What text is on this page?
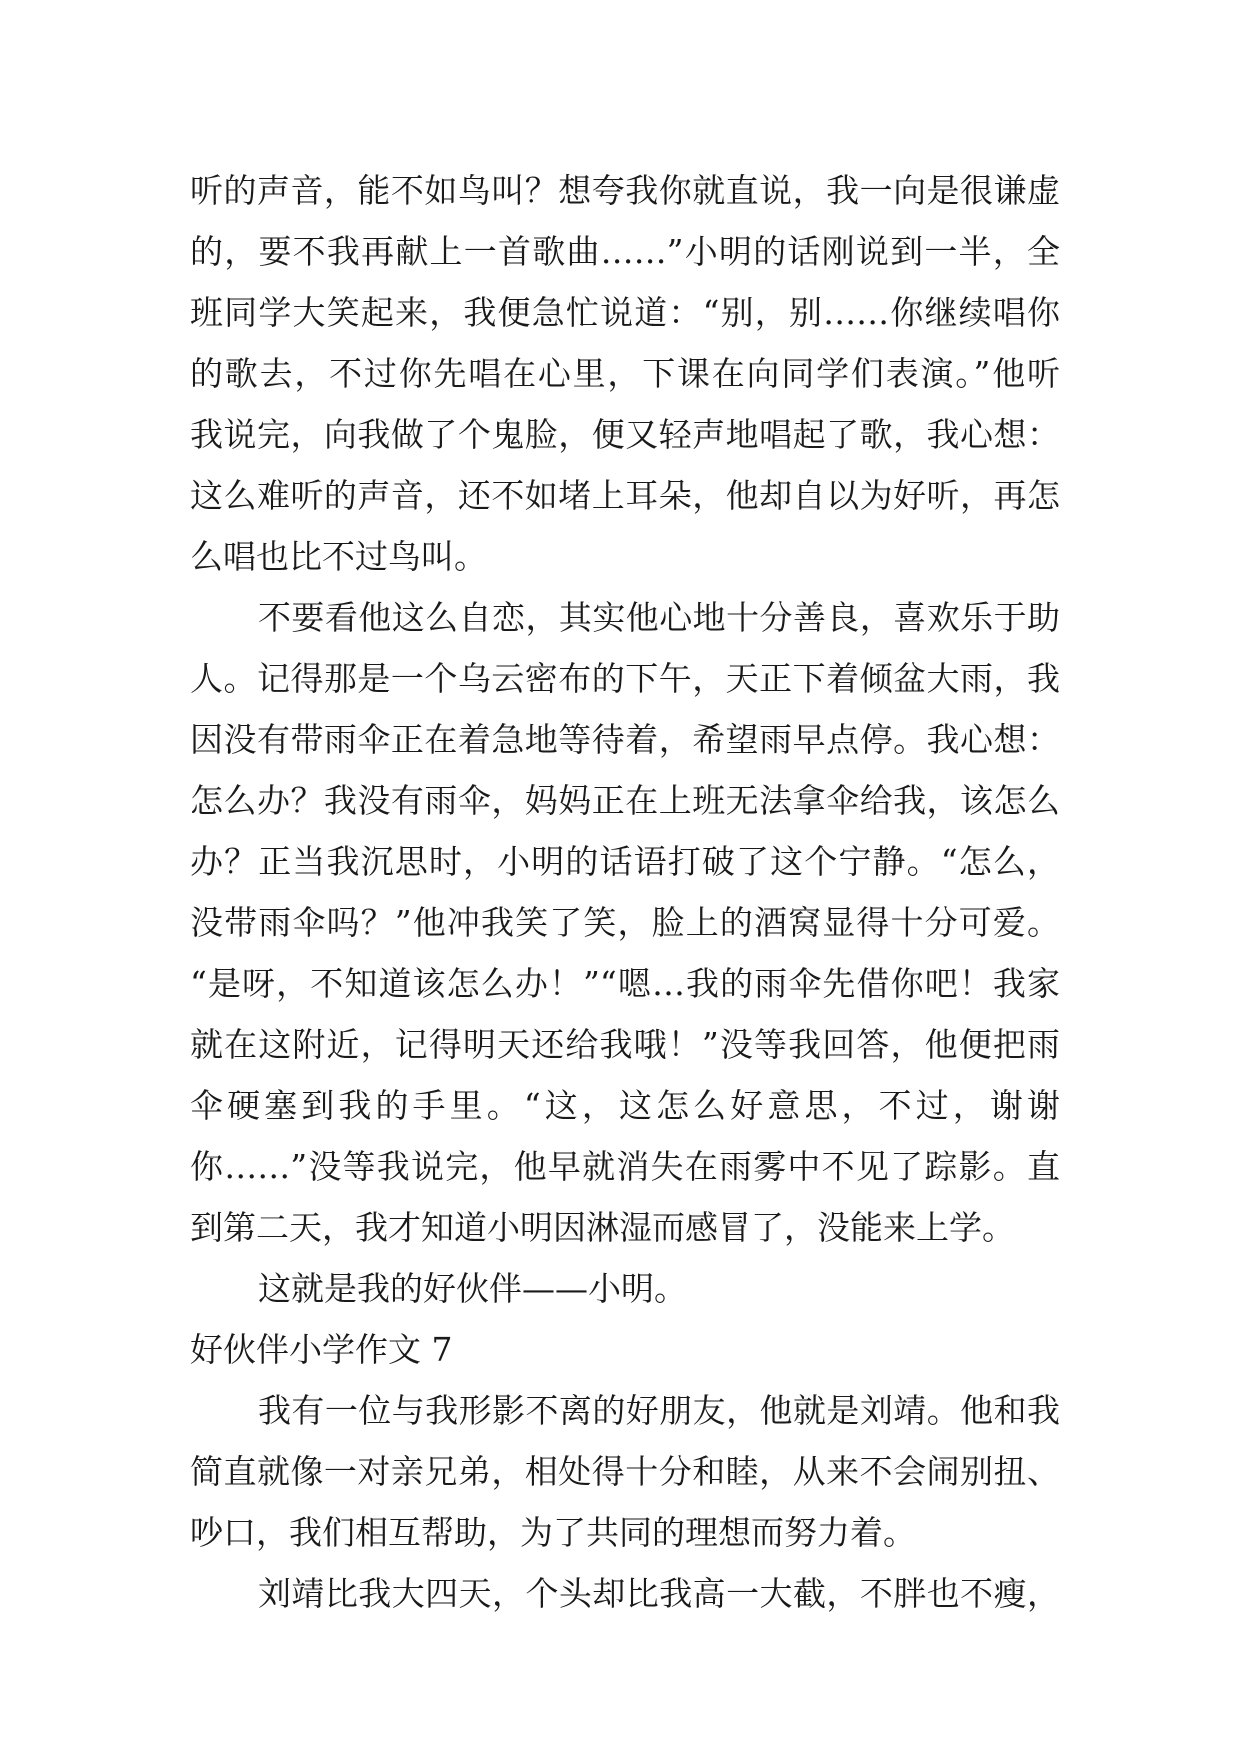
听的声音，能不如鸟叫？想夸我你就直说，我一向是很谦虚
的，要不我再献上一首歌曲……”小明的话刚说到一半，全
班同学大笑起来，我便急忙说道：“别，别……你继续唱你
的歌去，不过你先唱在心里，下课在向同学们表演。”他听
我说完，向我做了个鬼脸，便又轻声地唱起了歌，我心想：
这么难听的声音，还不如堵上耳朵，他却自以为好听，再怎
么唱也比不过鸟叫。
不要看他这么自恋，其实他心地十分善良，喜欢乐于助
人。记得那是一个乌云密布的下午，天正下着倾盆大雨，我
因没有带雨伞正在着急地等待着，希望雨早点停。我心想：
怎么办？我没有雨伞，妈妈正在上班无法拿伞给我，该怎么
办？正当我沉思时，小明的话语打破了这个宁静。“怎么，
没带雨伞吗？”他冲我笑了笑，脸上的酒窝显得十分可爱。
“是呀，不知道该怎么办！”“嗯…我的雨伞先借你吧！我家
就在这附近，记得明天还给我哦！”没等我回答，他便把雨
伞硬塞到我的手里。“这，这怎么好意思，不过，谢谢
你……”没等我说完，他早就消失在雨雾中不见了踪影。直
到第二天，我才知道小明因淋湿而感冒了，没能来上学。
这就是我的好伙伴——小明。
好伙伴小学作文 7
我有一位与我形影不离的好朋友，他就是刘靖。他和我
简直就像一对亲兄弟，相处得十分和睦，从来不会闹别扭、
吵口，我们相互帮助，为了共同的理想而努力着。
刘靖比我大四天，个头却比我高一大截，不胖也不瘦，
